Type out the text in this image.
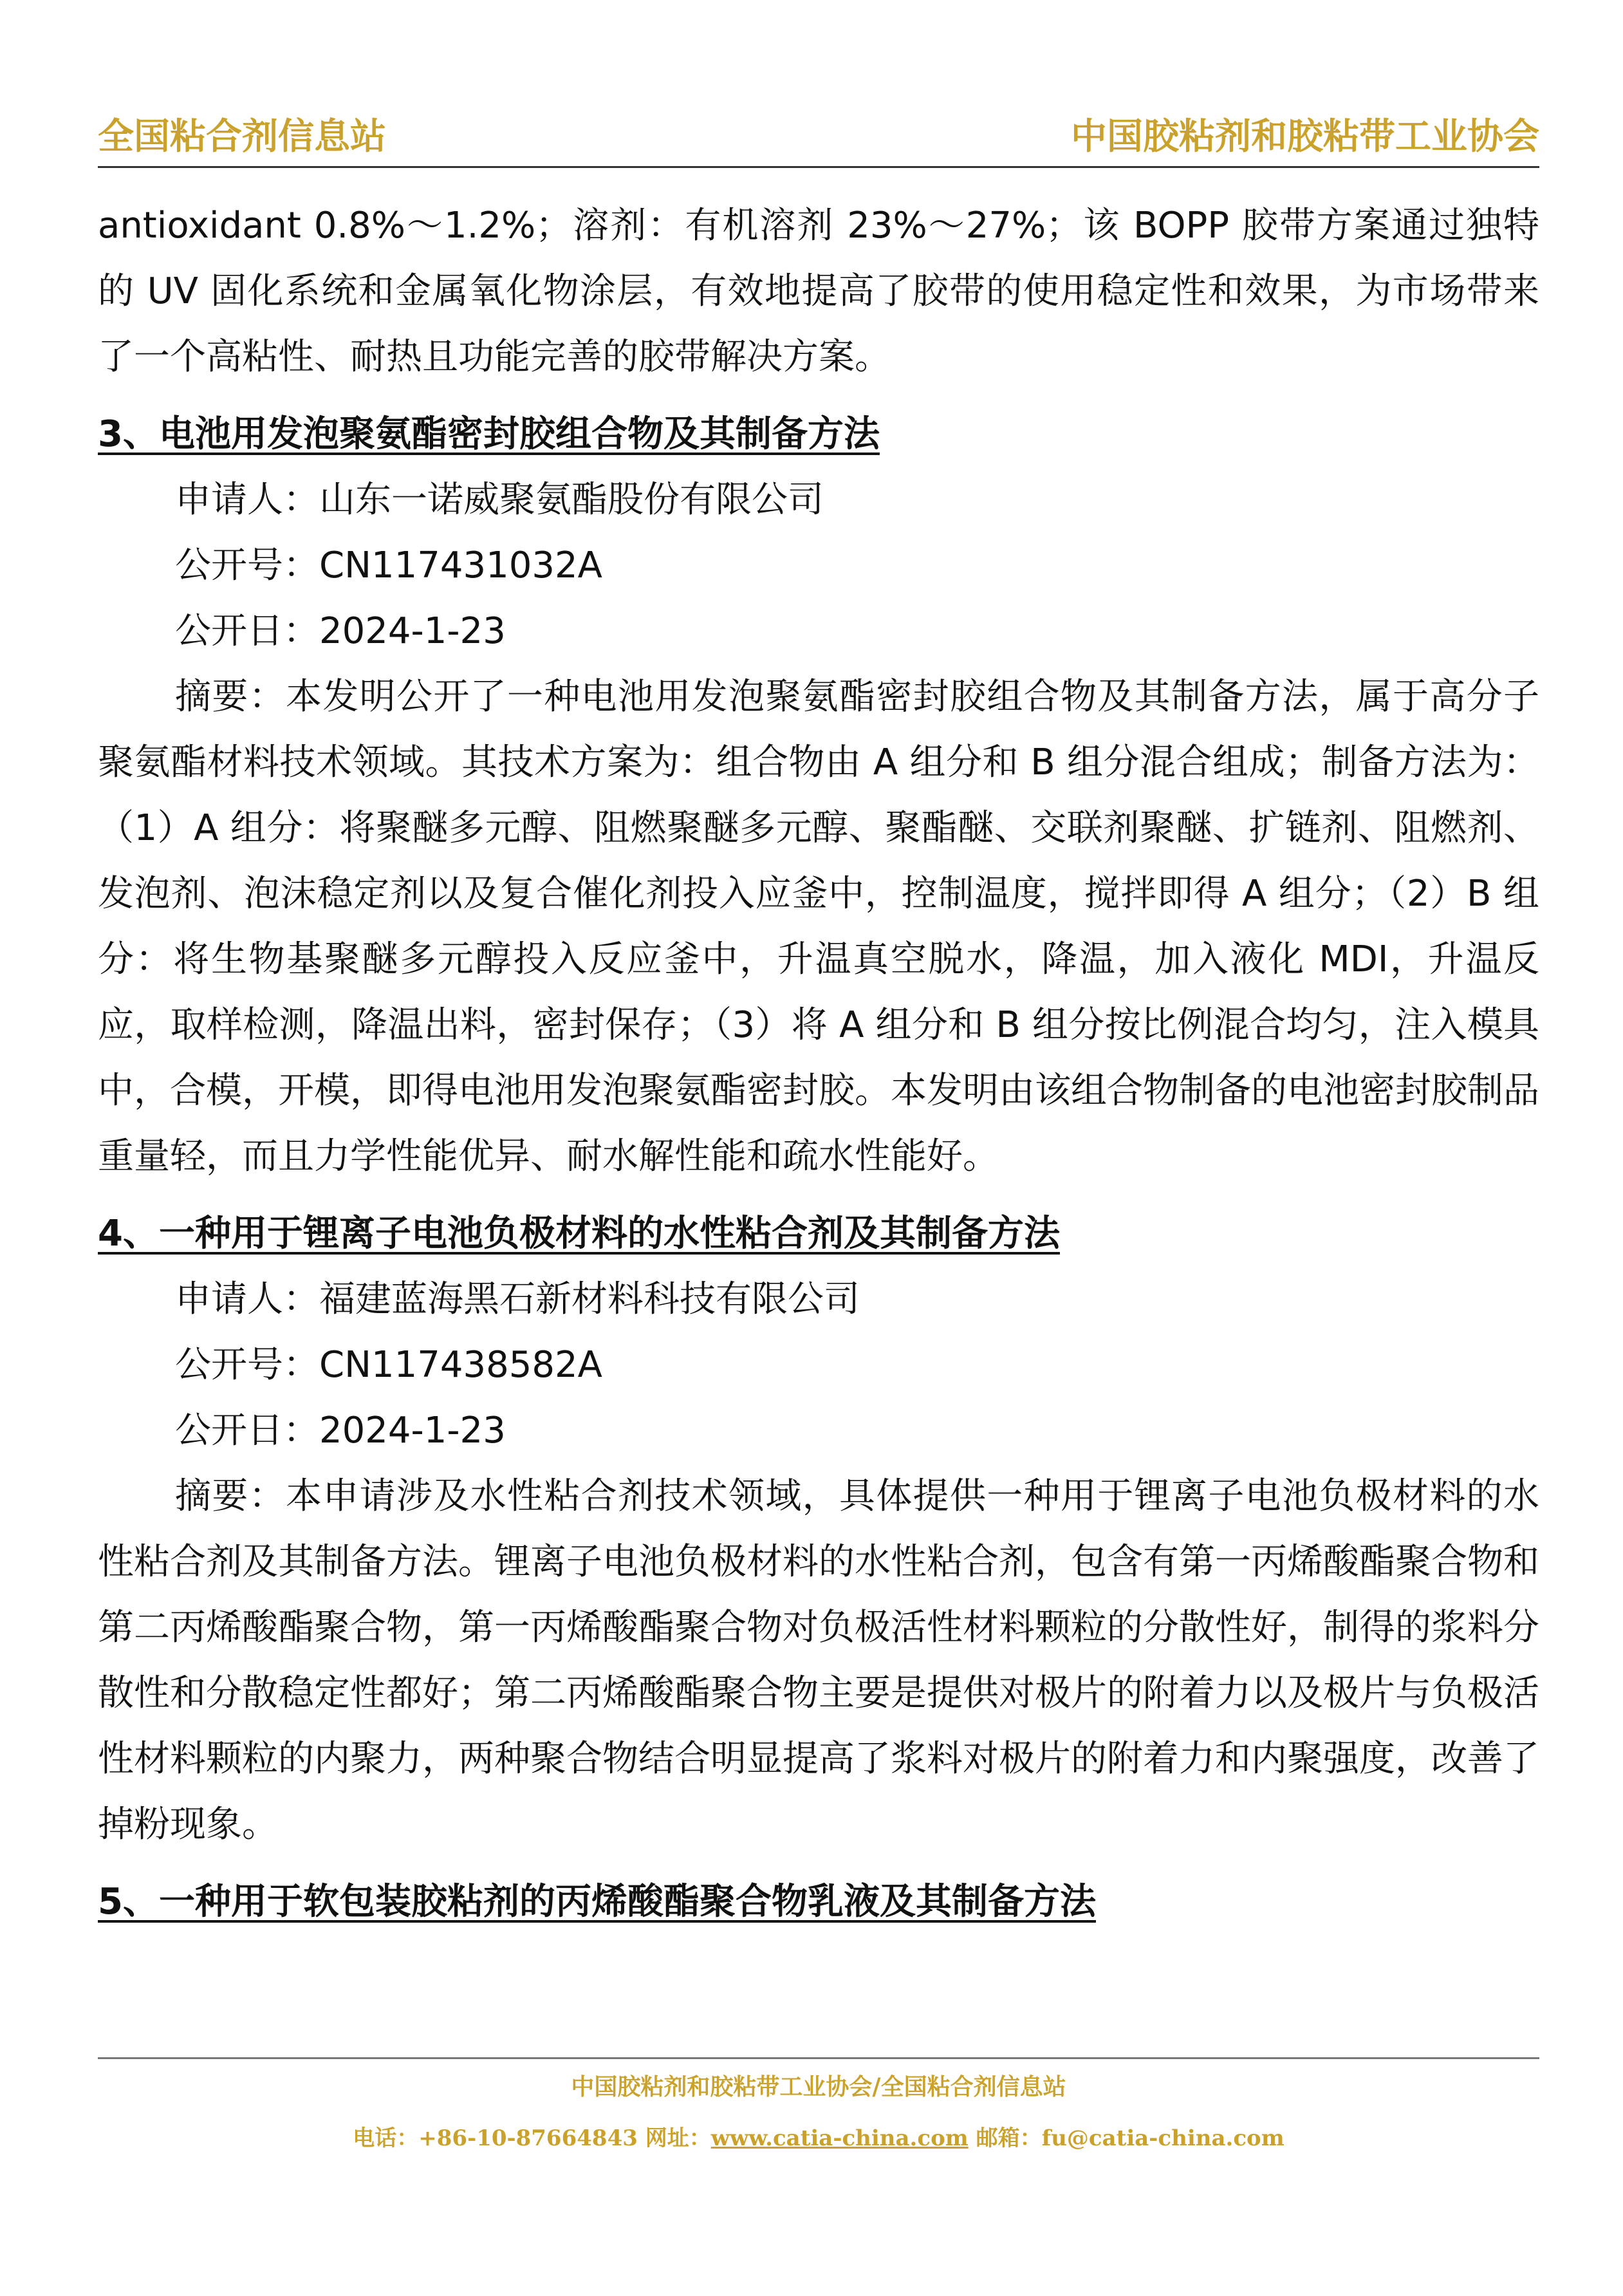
全国粘合剂信息站	中国胶粘剂和胶粘带工业协会

antioxidant 0.8%～1.2%；溶剂：有机溶剂 23%～27%；该 BOPP 胶带方案通过独特的 UV 固化系统和金属氧化物涂层，有效地提高了胶带的使用稳定性和效果，为市场带来了一个高粘性、耐热且功能完善的胶带解决方案。

3、电池用发泡聚氨酯密封胶组合物及其制备方法

申请人：山东一诺威聚氨酯股份有限公司

公开号：CN117431032A

公开日：2024-1-23

摘要：本发明公开了一种电池用发泡聚氨酯密封胶组合物及其制备方法，属于高分子聚氨酯材料技术领域。其技术方案为：组合物由 A 组分和 B 组分混合组成；制备方法为：（1）A 组分：将聚醚多元醇、阻燃聚醚多元醇、聚酯醚、交联剂聚醚、扩链剂、阻燃剂、发泡剂、泡沫稳定剂以及复合催化剂投入应釜中，控制温度，搅拌即得 A 组分；（2）B 组分：将生物基聚醚多元醇投入反应釜中，升温真空脱水，降温，加入液化 MDI，升温反应，取样检测，降温出料，密封保存；（3）将 A 组分和 B 组分按比例混合均匀，注入模具中，合模，开模，即得电池用发泡聚氨酯密封胶。本发明由该组合物制备的电池密封胶制品重量轻，而且力学性能优异、耐水解性能和疏水性能好。

4、一种用于锂离子电池负极材料的水性粘合剂及其制备方法

申请人：福建蓝海黑石新材料科技有限公司

公开号：CN117438582A

公开日：2024-1-23

摘要：本申请涉及水性粘合剂技术领域，具体提供一种用于锂离子电池负极材料的水性粘合剂及其制备方法。锂离子电池负极材料的水性粘合剂，包含有第一丙烯酸酯聚合物和第二丙烯酸酯聚合物，第一丙烯酸酯聚合物对负极活性材料颗粒的分散性好，制得的浆料分散性和分散稳定性都好；第二丙烯酸酯聚合物主要是提供对极片的附着力以及极片与负极活性材料颗粒的内聚力，两种聚合物结合明显提高了浆料对极片的附着力和内聚强度，改善了掉粉现象。

5、一种用于软包装胶粘剂的丙烯酸酯聚合物乳液及其制备方法
中国胶粘剂和胶粘带工业协会/全国粘合剂信息站
电话：+86-10-87664843 网址：www.catia-china.com 邮箱：fu@catia-china.com
